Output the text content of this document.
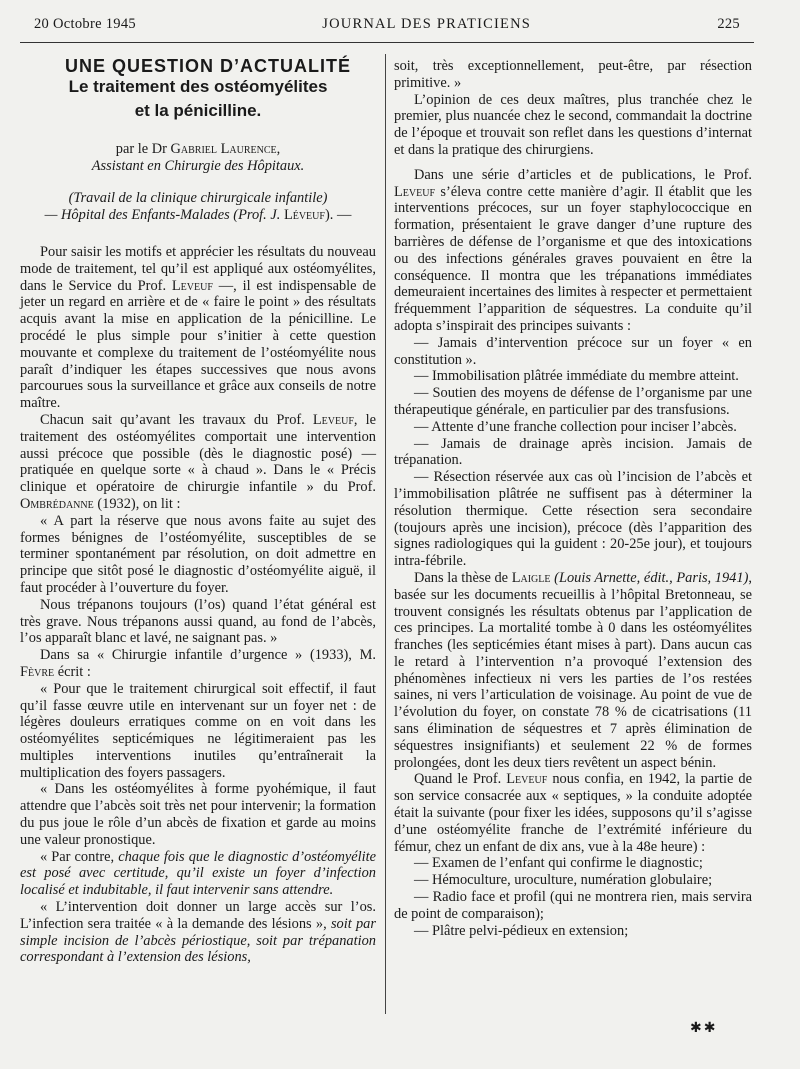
20 Octobre 1945	JOURNAL DES PRATICIENS	225

UNE QUESTION D’ACTUALITÉ

Le traitement des ostéomyélites
et la pénicilline.

par le Dr Gabriel Laurence,

Assistant en Chirurgie des Hôpitaux.

(Travail de la clinique chirurgicale infantile)

— Hôpital des Enfants-Malades (Prof. J. Léveuf). —

Pour saisir les motifs et apprécier les résultats du nouveau mode de traitement, tel qu’il est appliqué aux ostéomyélites, dans le Service du Prof. Leveuf —, il est indispensable de jeter un regard en arrière et de « faire le point » des résultats acquis avant la mise en application de la pénicilline. Le procédé le plus simple pour s’initier à cette question mouvante et complexe du traitement de l’ostéomyélite nous paraît d’indiquer les étapes successives que nous avons parcourues sous la surveillance et grâce aux conseils de notre maître.

Chacun sait qu’avant les travaux du Prof. Leveuf, le traitement des ostéomyélites comportait une intervention aussi précoce que possible (dès le diagnostic posé) — pratiquée en quelque sorte « à chaud ». Dans le « Précis clinique et opératoire de chirurgie infantile » du Prof. Ombrédanne (1932), on lit :

« A part la réserve que nous avons faite au sujet des formes bénignes de l’ostéomyélite, susceptibles de se terminer spontanément par résolution, on doit admettre en principe que sitôt posé le diagnostic d’ostéomyélite aiguë, il faut procéder à l’ouverture du foyer.

Nous trépanons toujours (l’os) quand l’état général est très grave. Nous trépanons aussi quand, au fond de l’abcès, l’os apparaît blanc et lavé, ne saignant pas. »

Dans sa « Chirurgie infantile d’urgence » (1933), M. Fèvre écrit :

« Pour que le traitement chirurgical soit effectif, il faut qu’il fasse œuvre utile en intervenant sur un foyer net : de légères douleurs erratiques comme on en voit dans les ostéomyélites septicémiques ne légitimeraient pas les multiples interventions inutiles qu’entraînerait la multiplication des foyers passagers.

« Dans les ostéomyélites à forme pyohémique, il faut attendre que l’abcès soit très net pour intervenir; la formation du pus joue le rôle d’un abcès de fixation et garde au moins une valeur pronostique.

« Par contre, chaque fois que le diagnostic d’ostéomyélite est posé avec certitude, qu’il existe un foyer d’infection localisé et indubitable, il faut intervenir sans attendre.

« L’intervention doit donner un large accès sur l’os. L’infection sera traitée « à la demande des lésions », soit par simple incision de l’abcès périostique, soit par trépanation correspondant à l’extension des lésions,

soit, très exceptionnellement, peut-être, par résection primitive. »

L’opinion de ces deux maîtres, plus tranchée chez le premier, plus nuancée chez le second, commandait la doctrine de l’époque et trouvait son reflet dans les questions d’internat et dans la pratique des chirurgiens.

Dans une série d’articles et de publications, le Prof. Leveuf s’éleva contre cette manière d’agir. Il établit que les interventions précoces, sur un foyer staphylococcique en formation, présentaient le grave danger d’une rupture des barrières de défense de l’organisme et que des intoxications ou des infections générales graves pouvaient en être la conséquence. Il montra que les trépanations immédiates demeuraient incertaines des limites à respecter et permettaient fréquemment l’apparition de séquestres. La conduite qu’il adopta s’inspirait des principes suivants :

— Jamais d’intervention précoce sur un foyer « en constitution ».

— Immobilisation plâtrée immédiate du membre atteint.

— Soutien des moyens de défense de l’organisme par une thérapeutique générale, en particulier par des transfusions.

— Attente d’une franche collection pour inciser l’abcès.

— Jamais de drainage après incision. Jamais de trépanation.

— Résection réservée aux cas où l’incision de l’abcès et l’immobilisation plâtrée ne suffisent pas à déterminer la résolution thermique. Cette résection sera secondaire (toujours après une incision), précoce (dès l’apparition des signes radiologiques qui la guident : 20-25e jour), et toujours intra-fébrile.

Dans la thèse de Laigle (Louis Arnette, édit., Paris, 1941), basée sur les documents recueillis à l’hôpital Bretonneau, se trouvent consignés les résultats obtenus par l’application de ces principes. La mortalité tombe à 0 dans les ostéomyélites franches (les septicémies étant mises à part). Dans aucun cas le retard à l’intervention n’a provoqué l’extension des phénomènes infectieux ni vers les parties de l’os restées saines, ni vers l’articulation de voisinage. Au point de vue de l’évolution du foyer, on constate 78 % de cicatrisations (11 sans élimination de séquestres et 7 après élimination de séquestres insignifiants) et seulement 22 % de formes prolongées, dont les deux tiers revêtent un aspect bénin.

Quand le Prof. Leveuf nous confia, en 1942, la partie de son service consacrée aux « septiques, » la conduite adoptée était la suivante (pour fixer les idées, supposons qu’il s’agisse d’une ostéomyélite franche de l’extrémité inférieure du fémur, chez un enfant de dix ans, vue à la 48e heure) :

— Examen de l’enfant qui confirme le diagnostic;

— Hémoculture, uroculture, numération globulaire;

— Radio face et profil (qui ne montrera rien, mais servira de point de comparaison);

— Plâtre pelvi-pédieux en extension;

✱✱
